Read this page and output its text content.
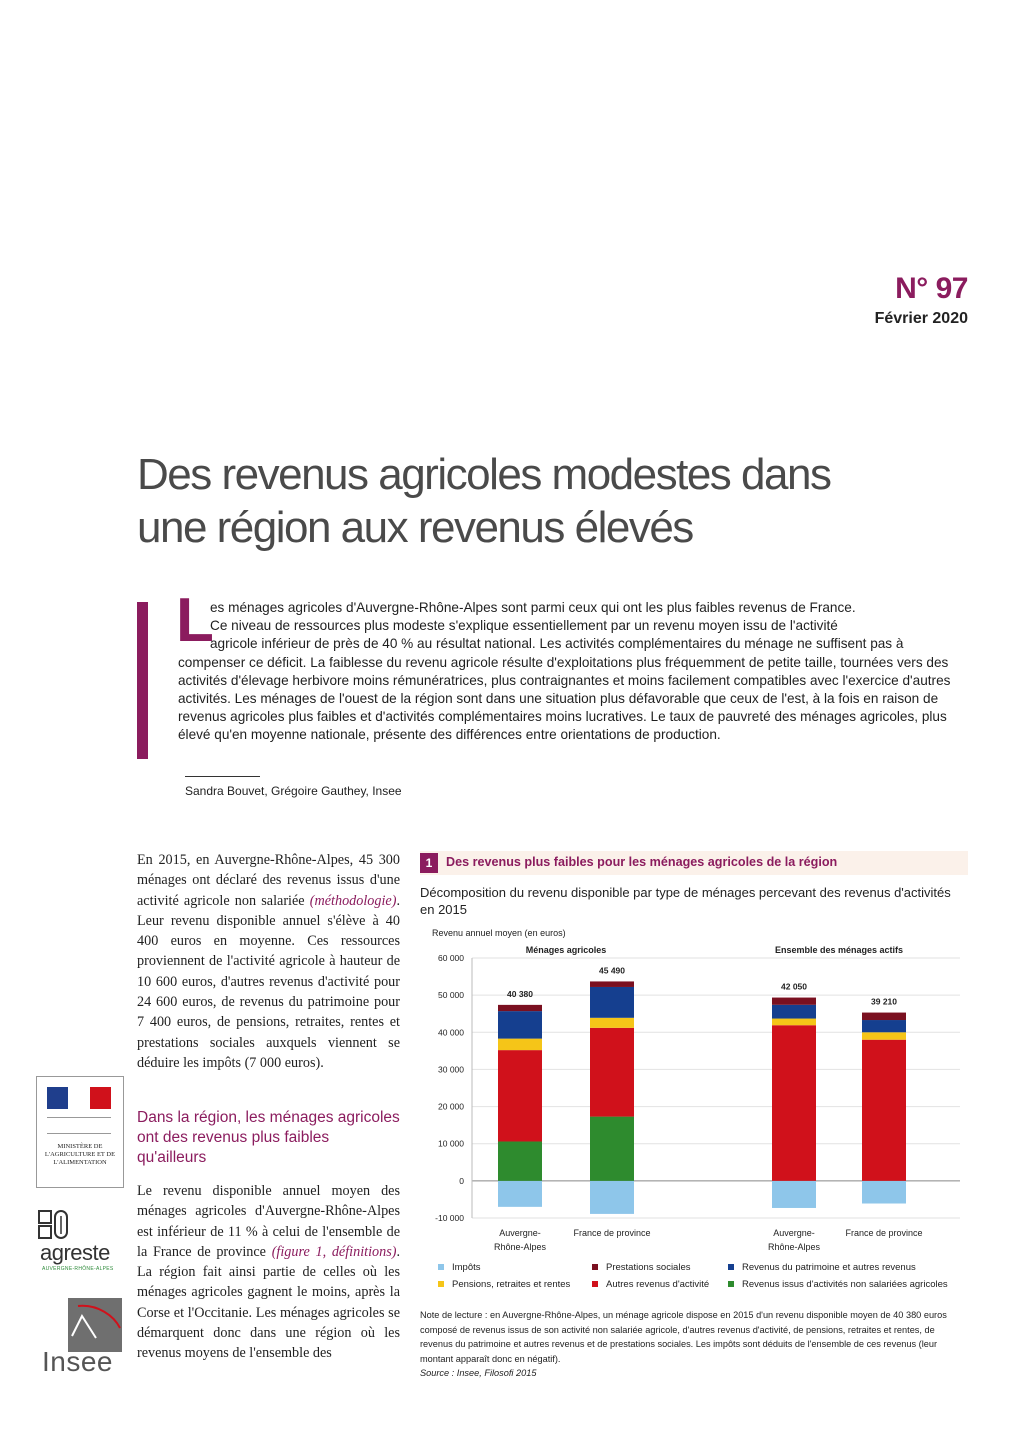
N° 97
Février 2020
Des revenus agricoles modestes dans
une région aux revenus élevés
L

es ménages agricoles d'Auvergne-Rhône-Alpes sont parmi ceux qui ont les plus faibles revenus de France.
Ce niveau de ressources plus modeste s'explique essentiellement par un revenu moyen issu de l'activité
agricole inférieur de près de 40 % au résultat national. Les activités complémentaires du ménage ne suffisent pas à compenser ce déficit. La faiblesse du revenu agricole résulte d'exploitations plus fréquemment de petite taille, tournées vers des activités d'élevage herbivore moins rémunératrices, plus contraignantes et moins facilement compatibles avec l'exercice d'autres activités. Les ménages de l'ouest de la région sont dans une situation plus défavorable que ceux de l'est, à la fois en raison de revenus agricoles plus faibles et d'activités complémentaires moins lucratives. Le taux de pauvreté des ménages agricoles, plus élevé qu'en moyenne nationale, présente des différences entre orientations de production.

Sandra Bouvet, Grégoire Gauthey, Insee

En 2015, en Auvergne-Rhône-Alpes, 45 300 ménages ont déclaré des revenus issus d'une activité agricole non salariée (méthodologie). Leur revenu disponible annuel s'élève à 40 400 euros en moyenne. Ces ressources proviennent de l'activité agricole à hauteur de 10 600 euros, d'autres revenus d'activité pour 24 600 euros, de revenus du patrimoine pour 7 400 euros, de pensions, retraites, rentes et prestations sociales auxquels viennent se déduire les impôts (7 000 euros).

Dans la région, les ménages agricoles ont des revenus plus faibles qu'ailleurs

Le revenu disponible annuel moyen des ménages agricoles d'Auvergne-Rhône-Alpes est inférieur de 11 % à celui de l'ensemble de la France de province (figure 1, définitions). La région fait ainsi partie de celles où les ménages agricoles gagnent le moins, après la Corse et l'Occitanie. Les ménages agricoles se démarquent donc dans une région où les revenus moyens de l'ensemble des

MINISTÈRE DE L'AGRICULTURE ET DE L'ALIMENTATION
agreste
AUVERGNE-RHÔNE-ALPES
Insee
1	Des revenus plus faibles pour les ménages agricoles de la région

Décomposition du revenu disponible par type de ménages percevant des revenus d'activités en 2015

Revenu annuel moyen (en euros)
-10 000
0
10 000
20 000
30 000
40 000
50 000
60 000
Ménages agricoles	Ensemble des ménages actifs
40 380
Auvergne-
Rhône-Alpes
45 490
France de province
42 050
Auvergne-
Rhône-Alpes
39 210
France de province
Impôts	Prestations sociales	Revenus du patrimoine et autres revenus
Pensions, retraites et rentes	Autres revenus d'activité	Revenus issus d'activités non salariées agricoles

Note de lecture : en Auvergne-Rhône-Alpes, un ménage agricole dispose en 2015 d'un revenu disponible moyen de 40 380 euros composé de revenus issus de son activité non salariée agricole, d'autres revenus d'activité, de pensions, retraites et rentes, de revenus du patrimoine et autres revenus et de prestations sociales. Les impôts sont déduits de l'ensemble de ces revenus (leur montant apparaît donc en négatif).
Source : Insee, Filosofi 2015
